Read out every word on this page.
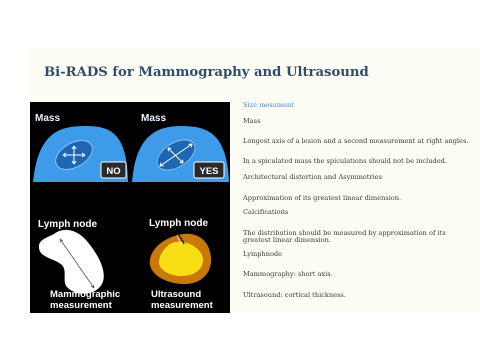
Bi-RADS for Mammography and Ultrasound
Mass
NO
Mass
YES
Lymph node
Mammographic
measurement
Lymph node
Ultrasound
measurement
Size mesument
Mass
Longest axis of a lesion and a second measurement at right angles.
In a spiculated mass the spiculations should not be included.
Architectural distortion and Asymmetries
Approximation of its greatest linear dimension.
Calcifications
The distribution should be measured by approximation of its greatest linear dimension.
Lymphnode
Mammography: short axis.
Ultrasound: cortical thickness.
